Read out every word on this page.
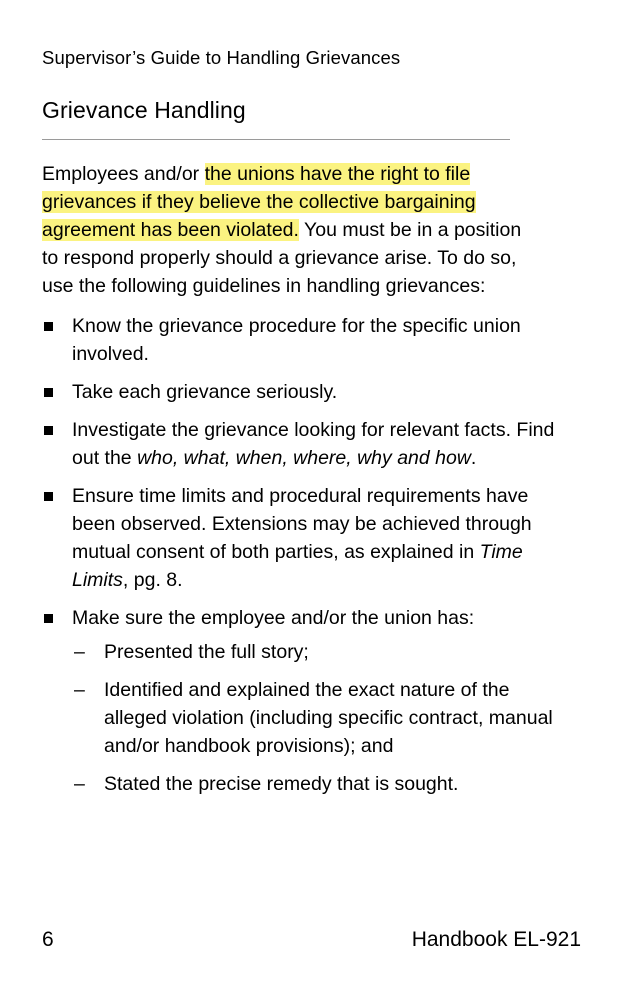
Supervisor’s Guide to Handling Grievances
Grievance Handling

Employees and/or the unions have the right to file grievances if they believe the collective bargaining agreement has been violated. You must be in a position to respond properly should a grievance arise. To do so, use the following guidelines in handling grievances:

Know the grievance procedure for the specific union involved.
Take each grievance seriously.
Investigate the grievance looking for relevant facts. Find out the who, what, when, where, why and how.
Ensure time limits and procedural requirements have been observed. Extensions may be achieved through mutual consent of both parties, as explained in Time Limits, pg. 8.
Make sure the employee and/or the union has:
– Presented the full story;
– Identified and explained the exact nature of the alleged violation (including specific contract, manual and/or handbook provisions); and
– Stated the precise remedy that is sought.
6	Handbook EL-921
